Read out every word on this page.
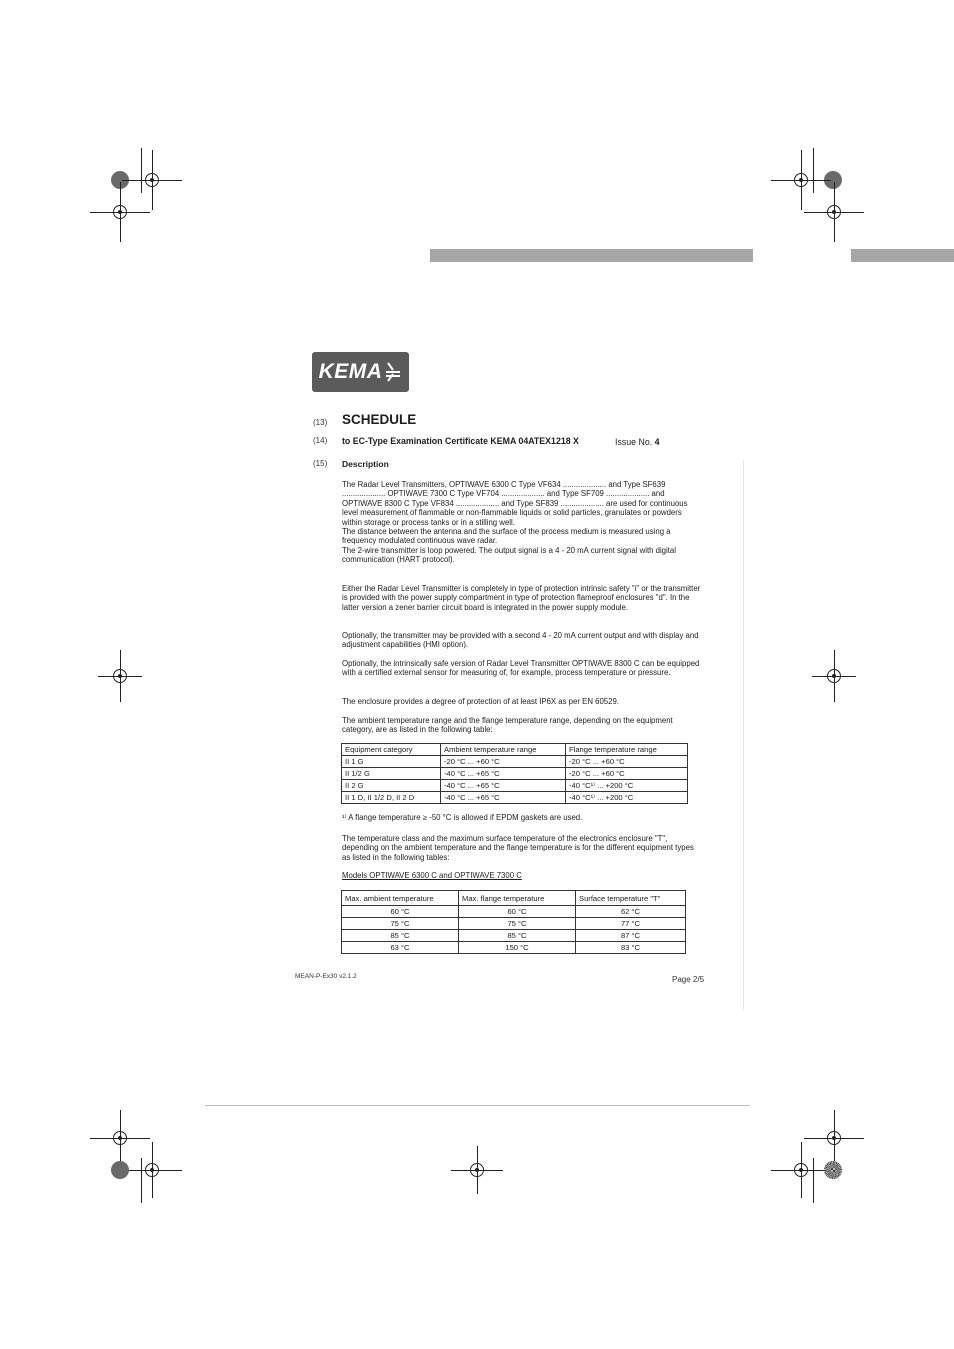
KEMA
(13) SCHEDULE
(14) to EC-Type Examination Certificate KEMA 04ATEX1218 X	Issue No. 4
(15) Description

The Radar Level Transmitters, OPTIWAVE 6300 C Type VF634 .................... and Type SF639 .................... OPTIWAVE 7300 C Type VF704 .................... and Type SF709 .................... and OPTIWAVE 8300 C Type VF834 .................... and Type SF839 .................... are used for continuous level measurement of flammable or non-flammable liquids or solid particles, granulates or powders within storage or process tanks or in a stilling well.

The distance between the antenna and the surface of the process medium is measured using a frequency modulated continuous wave radar.

The 2-wire transmitter is loop powered. The output signal is a 4 - 20 mA current signal with digital communication (HART protocol).

Either the Radar Level Transmitter is completely in type of protection intrinsic safety "i" or the transmitter is provided with the power supply compartment in type of protection flameproof enclosures "d". In the latter version a zener barrier circuit board is integrated in the power supply module.
Optionally, the transmitter may be provided with a second 4 - 20 mA current output and with display and adjustment capabilities (HMI option).
Optionally, the intrinsically safe version of Radar Level Transmitter OPTIWAVE 8300 C can be equipped with a certified external sensor for measuring of, for example, process temperature or pressure.
The enclosure provides a degree of protection of at least IP6X as per EN 60529.
The ambient temperature range and the flange temperature range, depending on the equipment category, are as listed in the following table:
Equipment category	Ambient temperature range	Flange temperature range
II 1 G	-20 °C ... +60 °C	-20 °C ... +60 °C
II 1/2 G	-40 °C ... +65 °C	-20 °C ... +60 °C
II 2 G	-40 °C ... +65 °C	-40 °C¹⁾ ... +200 °C
II 1 D, II 1/2 D, II 2 D	-40 °C ... +65 °C	-40 °C¹⁾ ... +200 °C
¹⁾ A flange temperature ≥ -50 °C is allowed if EPDM gaskets are used.
The temperature class and the maximum surface temperature of the electronics enclosure "T", depending on the ambient temperature and the flange temperature is for the different equipment types as listed in the following tables:
Models OPTIWAVE 6300 C and OPTIWAVE 7300 C
Max. ambient temperature	Max. flange temperature	Surface temperature "T"
60 °C	60 °C	62 °C
75 °C	75 °C	77 °C
85 °C	85 °C	87 °C
63 °C	150 °C	83 °C
MEAN-P-Ex30 v2.1.2	Page 2/5
